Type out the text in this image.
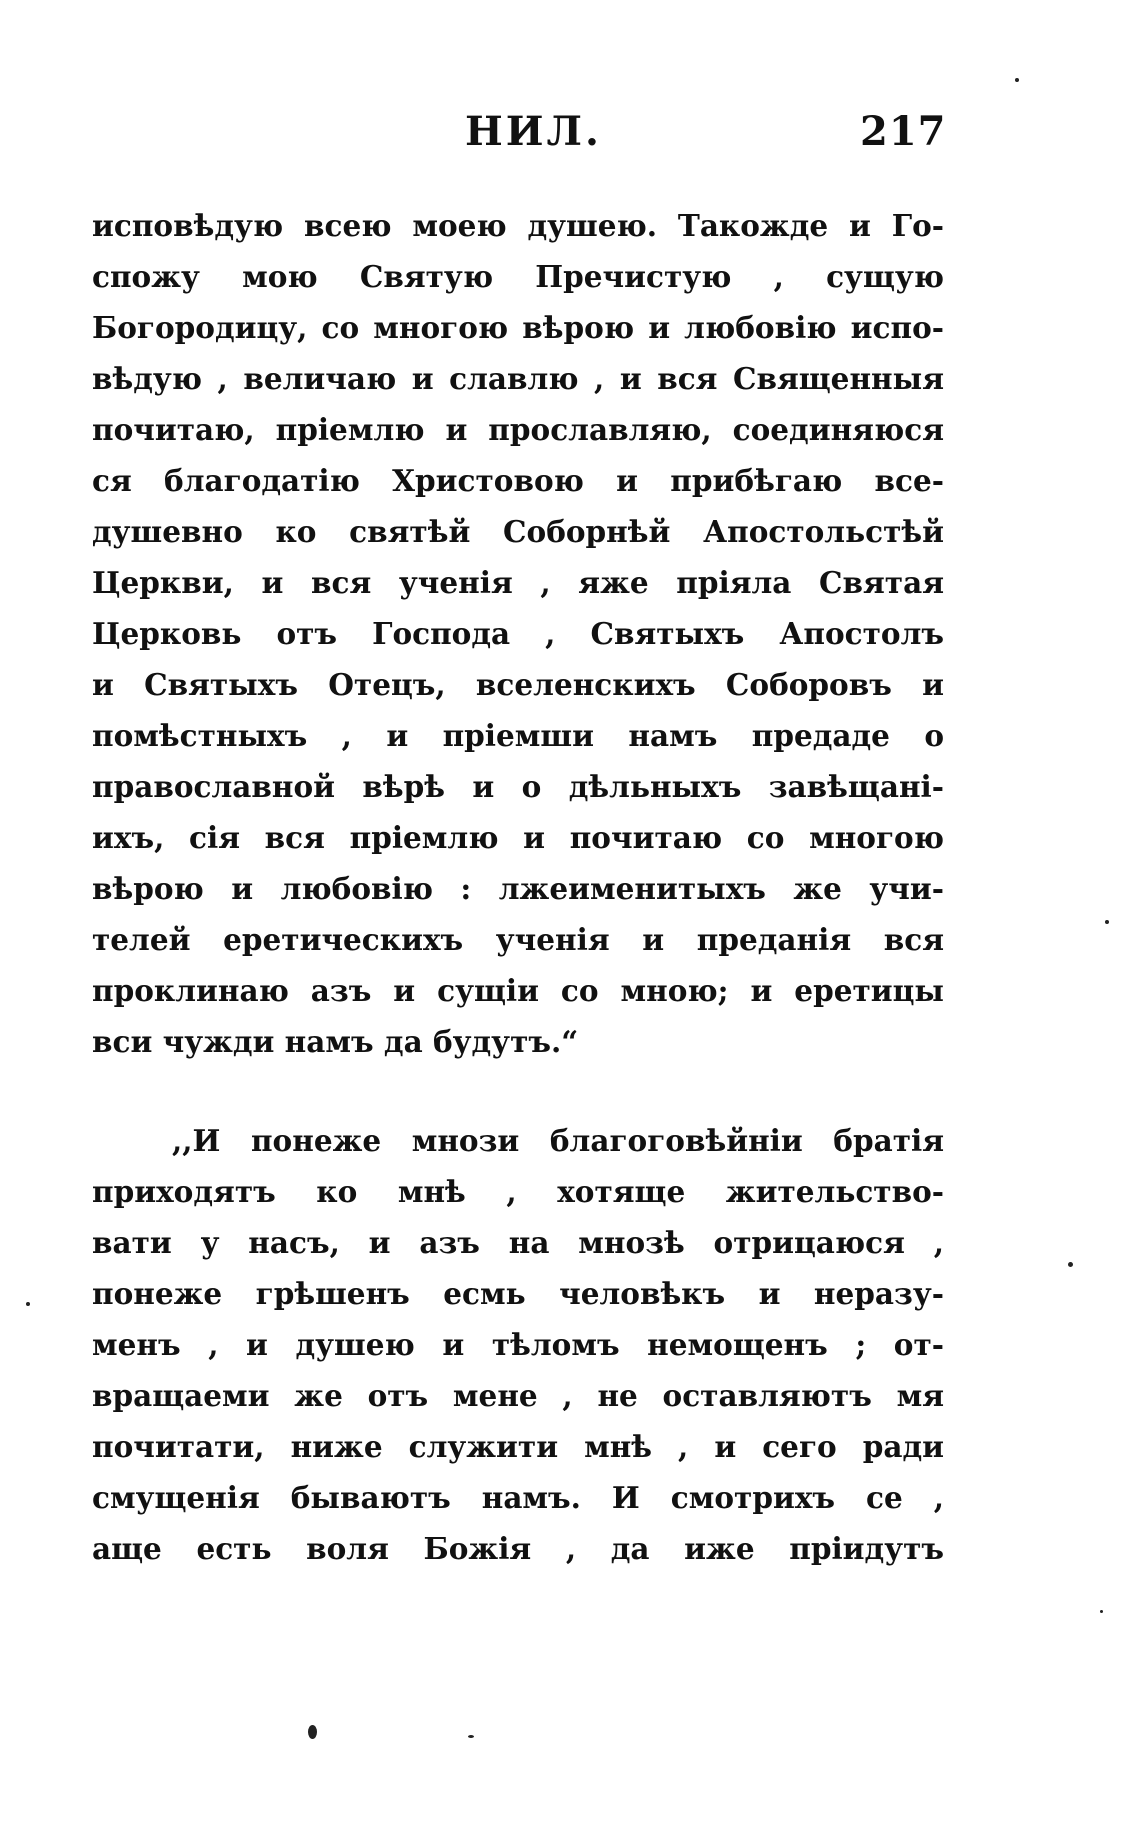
НИЛ.	217
исповѣдую всею моею душею. Такожде и Го-
спожу мою Святую Пречистую , сущую
Богородицу, со многою вѣрою и любовiю испо-
вѣдую , величаю и славлю , и вся Священныя
почитаю, прiемлю и прославляю, соединяюся
ся благодатiю Христовою и прибѣгаю все-
душевно ко святѣй Соборнѣй Апостольстѣй
Церкви, и вся ученiя , яже прiяла Святая
Церковь отъ Господа , Святыхъ Апостолъ
и Святыхъ Отецъ, вселенскихъ Соборовъ и
помѣстныхъ , и прiемши намъ предаде о
православной вѣрѣ и о дѣльныхъ завѣщанi-
ихъ, сiя вся прiемлю и почитаю со многою
вѣрою и любовiю : лжеименитыхъ же учи-
телей еретическихъ ученiя и преданiя вся
проклинаю азъ и сущiи со мною; и еретицы
вси чужди намъ да будутъ.“
,,И понеже мнози благоговѣйнiи братiя
приходятъ ко мнѣ , хотяще жительство-
вати у насъ, и азъ на мнозѣ отрицаюся ,
понеже грѣшенъ есмь человѣкъ и неразу-
менъ , и душею и тѣломъ немощенъ ; от-
вращаеми же отъ мене , не оставляютъ мя
почитати, ниже служити мнѣ , и сего ради
смущенiя бываютъ намъ. И смотрихъ се ,
аще есть воля Божiя , да иже прiидутъ
